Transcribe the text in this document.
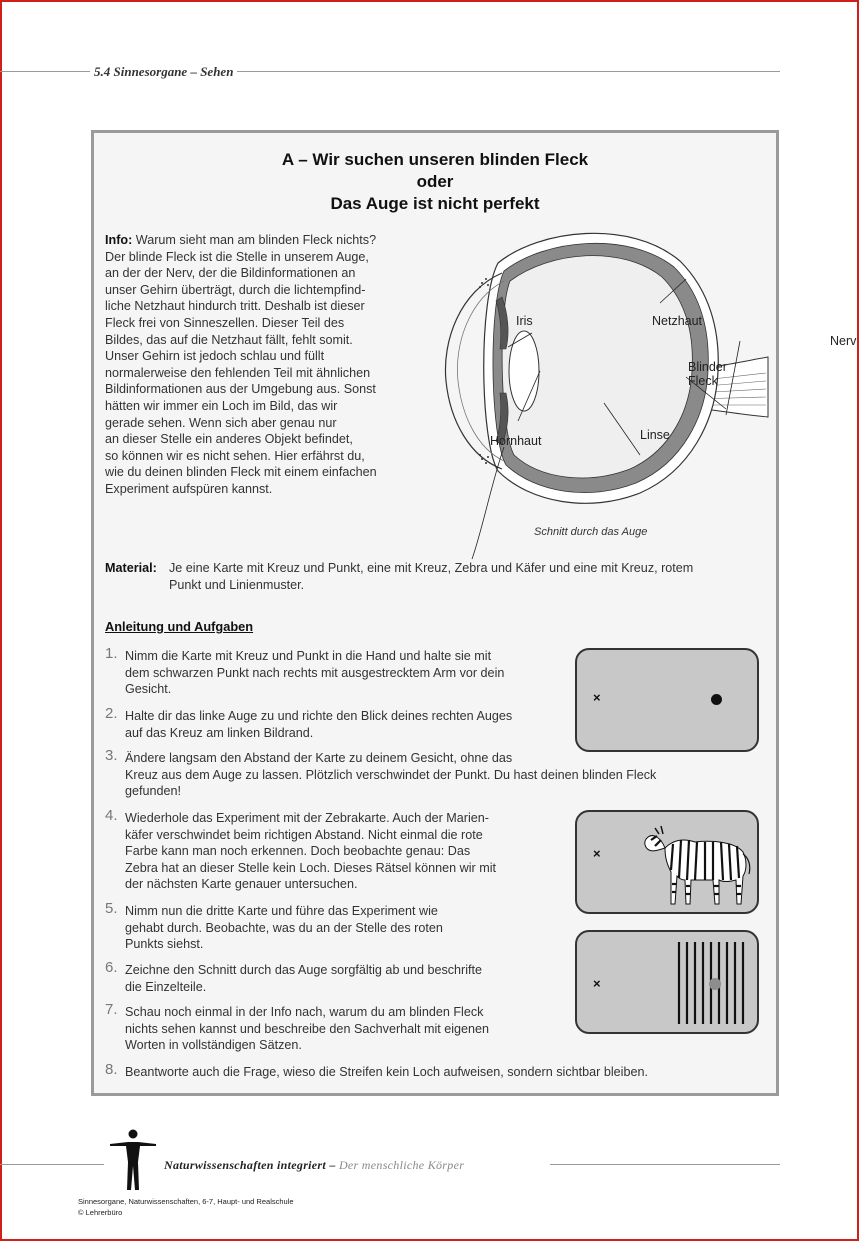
5.4 Sinnesorgane – Sehen
A – Wir suchen unseren blinden Fleck
oder
Das Auge ist nicht perfekt
Info: Warum sieht man am blinden Fleck nichts?
Der blinde Fleck ist die Stelle in unserem Auge,
an der der Nerv, der die Bildinformationen an
unser Gehirn überträgt, durch die lichtempfind-
liche Netzhaut hindurch tritt. Deshalb ist dieser
Fleck frei von Sinneszellen. Dieser Teil des
Bildes, das auf die Netzhaut fällt, fehlt somit.
Unser Gehirn ist jedoch schlau und füllt
normalerweise den fehlenden Teil mit ähnlichen
Bildinformationen aus der Umgebung aus. Sonst
hätten wir immer ein Loch im Bild, das wir
gerade sehen. Wenn sich aber genau nur
an dieser Stelle ein anderes Objekt befindet,
so können wir es nicht sehen. Hier erfährst du,
wie du deinen blinden Fleck mit einem einfachen
Experiment aufspüren kannst.
Iris	Netzhaut
Nerv
Blinder
Fleck
Linse
Hornhaut
Schnitt durch das Auge
Material: Je eine Karte mit Kreuz und Punkt, eine mit Kreuz, Zebra und Käfer und eine mit Kreuz, rotem
Punkt und Linienmuster.
Anleitung und Aufgaben
1. Nimm die Karte mit Kreuz und Punkt in die Hand und halte sie mit
dem schwarzen Punkt nach rechts mit ausgestrecktem Arm vor dein
Gesicht.
2. Halte dir das linke Auge zu und richte den Blick deines rechten Auges
auf das Kreuz am linken Bildrand.
3. Ändere langsam den Abstand der Karte zu deinem Gesicht, ohne das
Kreuz aus dem Auge zu lassen. Plötzlich verschwindet der Punkt. Du hast deinen blinden Fleck
gefunden!
4. Wiederhole das Experiment mit der Zebrakarte. Auch der Marien-
käfer verschwindet beim richtigen Abstand. Nicht einmal die rote
Farbe kann man noch erkennen. Doch beobachte genau: Das
Zebra hat an dieser Stelle kein Loch. Dieses Rätsel können wir mit
der nächsten Karte genauer untersuchen.
5. Nimm nun die dritte Karte und führe das Experiment wie
gehabt durch. Beobachte, was du an der Stelle des roten
Punkts siehst.
6. Zeichne den Schnitt durch das Auge sorgfältig ab und beschrifte
die Einzelteile.
7. Schau noch einmal in der Info nach, warum du am blinden Fleck
nichts sehen kannst und beschreibe den Sachverhalt mit eigenen
Worten in vollständigen Sätzen.
8. Beantworte auch die Frage, wieso die Streifen kein Loch aufweisen, sondern sichtbar bleiben.
×
×
×
Naturwissenschaften integriert – Der menschliche Körper
Sinnesorgane, Naturwissenschaften, 6-7, Haupt- und Realschule
© Lehrerbüro
